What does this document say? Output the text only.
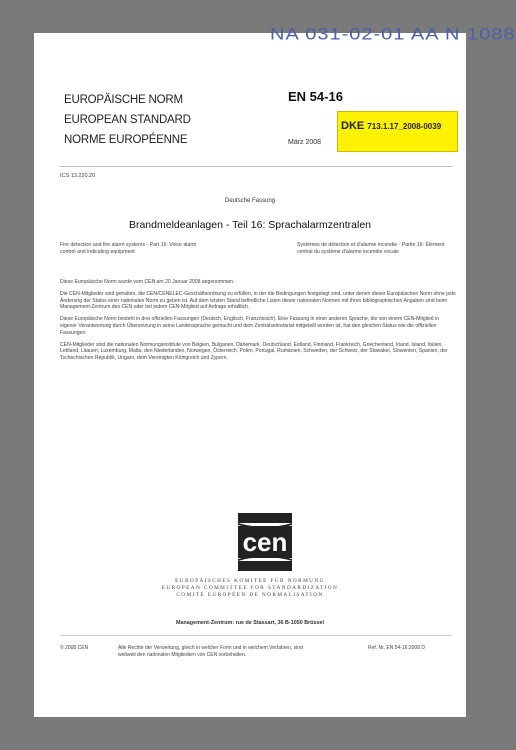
NA 031-02-01 AA N 1088
EUROPÄISCHE NORM
EUROPEAN STANDARD
NORME EUROPÉENNE
EN 54-16
März 2008
DKE 713.1.17_2008-0039
ICS 13.220.20
Deutsche Fassung
Brandmeldeanlagen - Teil 16: Sprachalarmzentralen
Fire detection and fire alarm systems - Part 16: Voice alarm control and indicating equipment
Systèmes de détection et d'alarme incendie - Partie 16: Élément central du système d'alarme incendie vocale

Diese Europäische Norm wurde vom CEN am 20 Januar 2008 angenommen.

Die CEN-Mitglieder sind gehalten, die CEN/CENELEC-Geschäftsordnung zu erfüllen, in der die Bedingungen festgelegt sind, unter denen dieser Europäischen Norm ohne jede Änderung der Status einer nationalen Norm zu geben ist. Auf dem letzten Stand befindliche Listen dieser nationalen Normen mit ihren bibliographischen Angaben sind beim Management-Zentrum des CEN oder bei jedem CEN-Mitglied auf Anfrage erhältlich.

Diese Europäische Norm besteht in drei offiziellen Fassungen (Deutsch, Englisch, Französisch). Eine Fassung in einer anderen Sprache, die von einem CEN-Mitglied in eigener Verantwortung durch Übersetzung in seine Landessprache gemacht und dem Zentralsekretariat mitgeteilt worden ist, hat den gleichen Status wie die offiziellen Fassungen.

CEN-Mitglieder sind die nationalen Normungsinstitute von Belgien, Bulgarien, Dänemark, Deutschland, Estland, Finnland, Frankreich, Griechenland, Irland, Island, Italien, Lettland, Litauen, Luxemburg, Malta, den Niederlanden, Norwegen, Österreich, Polen, Portugal, Rumänien, Schweden, der Schweiz, der Slowakei, Slowenien, Spanien, der Tschechischen Republik, Ungarn, dem Vereinigten Königreich und Zypern.

cen
EUROPÄISCHES KOMITEE FÜR NORMUNG
EUROPEAN COMMITTEE FOR STANDARDIZATION
COMITÉ EUROPÉEN DE NORMALISATION
Management-Zentrum: rue de Stassart, 36 B-1050 Brüssel
© 2008 CEN	Alle Rechte der Verwertung, gleich in welcher Form und in welchem Verfahren, sind weltweit den nationalen Mitgliedern von CEN vorbehalten.
Ref. Nr. EN 54-16:2008 D
